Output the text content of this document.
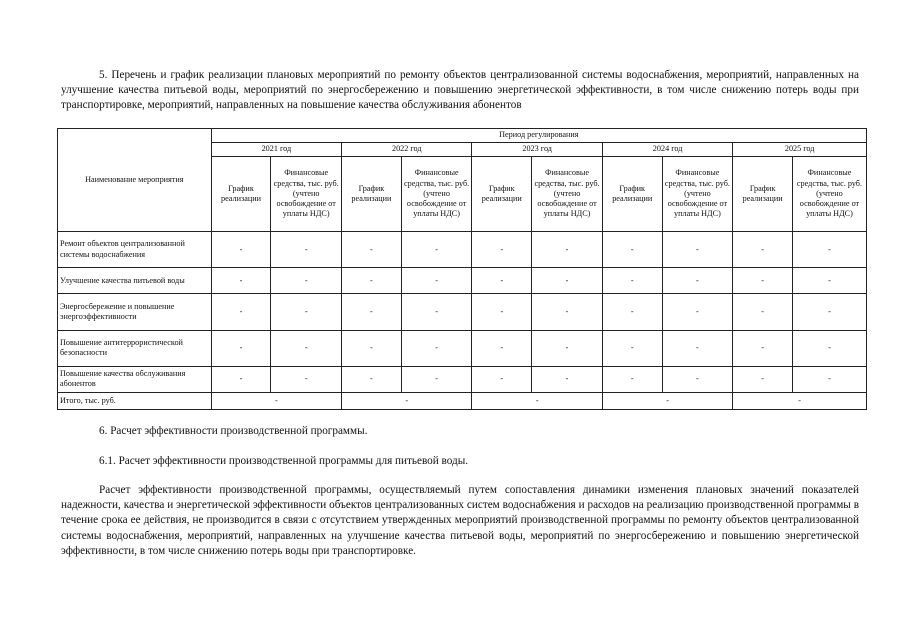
5. Перечень и график реализации плановых мероприятий по ремонту объектов централизованной системы водоснабжения, мероприятий, направленных на улучшение качества питьевой воды, мероприятий по энергосбережению и повышению энергетической эффективности, в том числе снижению потерь воды при транспортировке, мероприятий, направленных на повышение качества обслуживания абонентов

Наименование мероприятия	Период регулирования									
	2021 год		2022 год		2023 год		2024 год		2025 год	
	График реализации	Финансовые средства, тыс. руб. (учтено освобождение от уплаты НДС)	График реализации	Финансовые средства, тыс. руб. (учтено освобождение от уплаты НДС)	График реализации	Финансовые средства, тыс. руб. (учтено освобождение от уплаты НДС)	График реализации	Финансовые средства, тыс. руб. (учтено освобождение от уплаты НДС)	График реализации	Финансовые средства, тыс. руб. (учтено освобождение от уплаты НДС)
Ремонт объектов централизованной системы водоснабжения	-	-	-	-	-	-	-	-	-	-
Улучшение качества питьевой воды	-	-	-	-	-	-	-	-	-	-
Энергосбережение и повышение энергоэффективности	-	-	-	-	-	-	-	-	-	-
Повышение антитеррористической безопасности	-	-	-	-	-	-	-	-	-	-
Повышение качества обслуживания абонентов	-	-	-	-	-	-	-	-	-	-
Итого, тыс. руб.	-		-		-		-		-	

6. Расчет эффективности производственной программы.

6.1. Расчет эффективности производственной программы для питьевой воды.

Расчет эффективности производственной программы, осуществляемый путем сопоставления динамики изменения плановых значений показателей надежности, качества и энергетической эффективности объектов централизованных систем водоснабжения и расходов на реализацию производственной программы в течение срока ее действия, не производится в связи с отсутствием утвержденных мероприятий производственной программы по ремонту объектов централизованной системы водоснабжения, мероприятий, направленных на улучшение качества питьевой воды, мероприятий по энергосбережению и повышению энергетической эффективности, в том числе снижению потерь воды при транспортировке.
